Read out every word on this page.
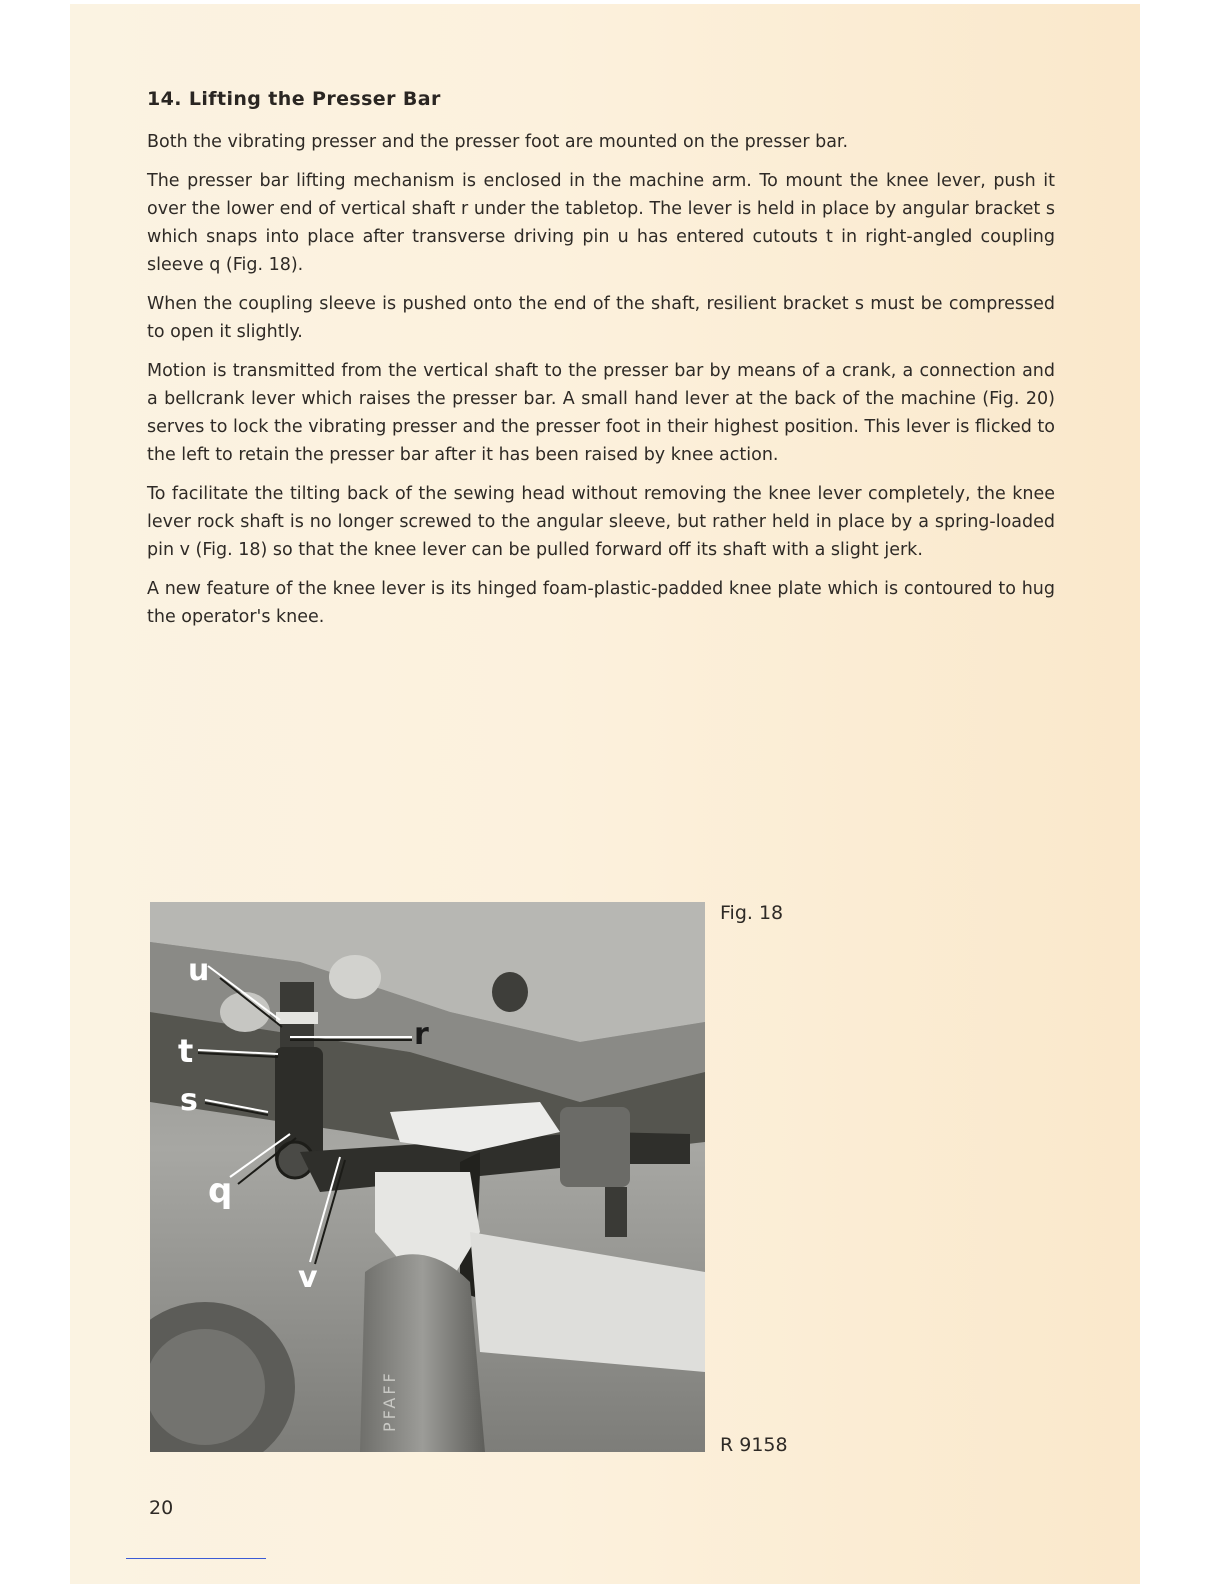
14. Lifting the Presser Bar

Both the vibrating presser and the presser foot are mounted on the presser bar.

The presser bar lifting mechanism is enclosed in the machine arm. To mount the knee lever, push it over the lower end of vertical shaft r under the tabletop. The lever is held in place by angular bracket s which snaps into place after transverse driving pin u has entered cutouts t in right-angled coupling sleeve q (Fig. 18).

When the coupling sleeve is pushed onto the end of the shaft, resilient bracket s must be compressed to open it slightly.

Motion is transmitted from the vertical shaft to the presser bar by means of a crank, a connection and a bellcrank lever which raises the presser bar. A small hand lever at the back of the machine (Fig. 20) serves to lock the vibrating presser and the presser foot in their highest position. This lever is flicked to the left to retain the presser bar after it has been raised by knee action.

To facilitate the tilting back of the sewing head without removing the knee lever completely, the knee lever rock shaft is no longer screwed to the angular sleeve, but rather held in place by a spring-loaded pin v (Fig. 18) so that the knee lever can be pulled forward off its shaft with a slight jerk.

A new feature of the knee lever is its hinged foam-plastic-padded knee plate which is contoured to hug the operator's knee.

u
t
s
q
v
r
PFAFF
Fig. 18
R 9158
20
